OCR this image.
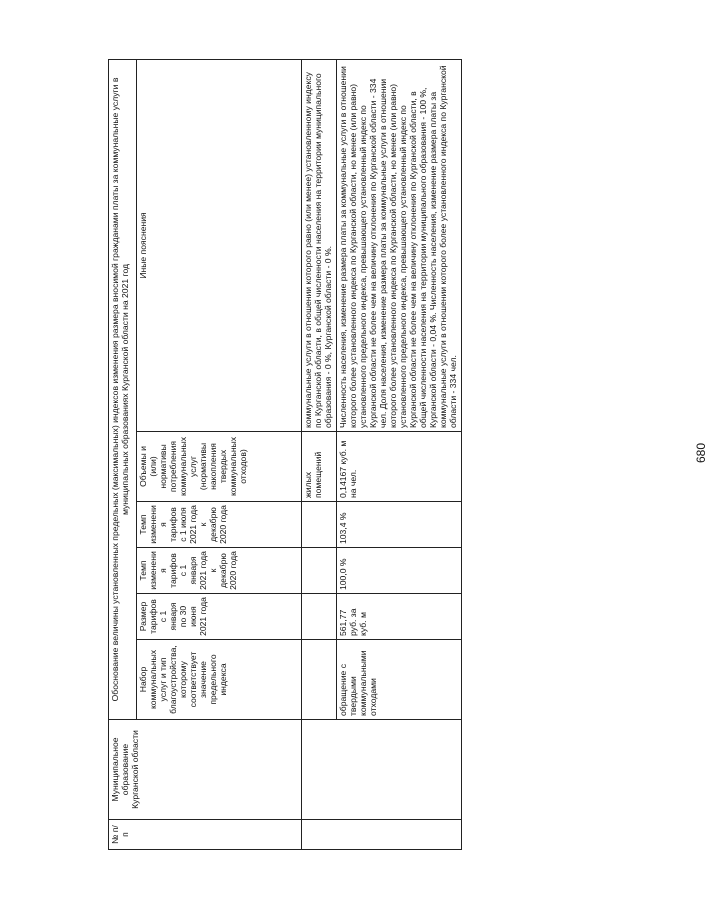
680
№ п/п	Муниципальное образование Курганской области	Обоснование величины установленных предельных (максимальных) индексов изменения размера вносимой гражданами платы за коммунальные услуги в муниципальных образованиях Курганской области на 2021 год					
		Набор коммунальных услуг и тип благоустройства, которому соответствует значение предельного индекса	Размер тарифов с 1 января по 30 июня 2021 года	Темп изменения тарифов с 1 января 2021 года к декабрю 2020 года	Темп изменения тарифов с 1 июля 2021 года к декабрю 2020 года	Объемы и (или) нормативы потребления коммунальных услуг (нормативы накопления твердых коммунальных отходов)	Иные пояснения
						жилых помещений	коммунальные услуги в отношении которого равно (или менее) установленному индексу по Курганской области, в общей численности населения на территории муниципального образования - 0 %, Курганской области - 0 %.
		обращение с твердыми коммунальными отходами	561,77 руб. за куб. м	100,0 %	103,4 %	0,14167 куб. м на чел.	Численность населения, изменение размера платы за коммунальные услуги в отношении которого более установленного индекса по Курганской области, но менее (или равно) установленного предельного индекса, превышающего установленный индекс по Курганской области не более чем на величину отклонения по Курганской области - 334 чел. Доля населения, изменение размера платы за коммунальные услуги в отношении которого более установленного индекса по Курганской области, но менее (или равно) установленного предельного индекса, превышающего установленный индекс по Курганской области не более чем на величину отклонения по Курганской области, в общей численности населения на территории муниципального образования - 100 %, Курганской области - 0,04 %. Численность населения, изменение размера платы за коммунальные услуги в отношении которого более установленного индекса по Курганской области - 334 чел.
